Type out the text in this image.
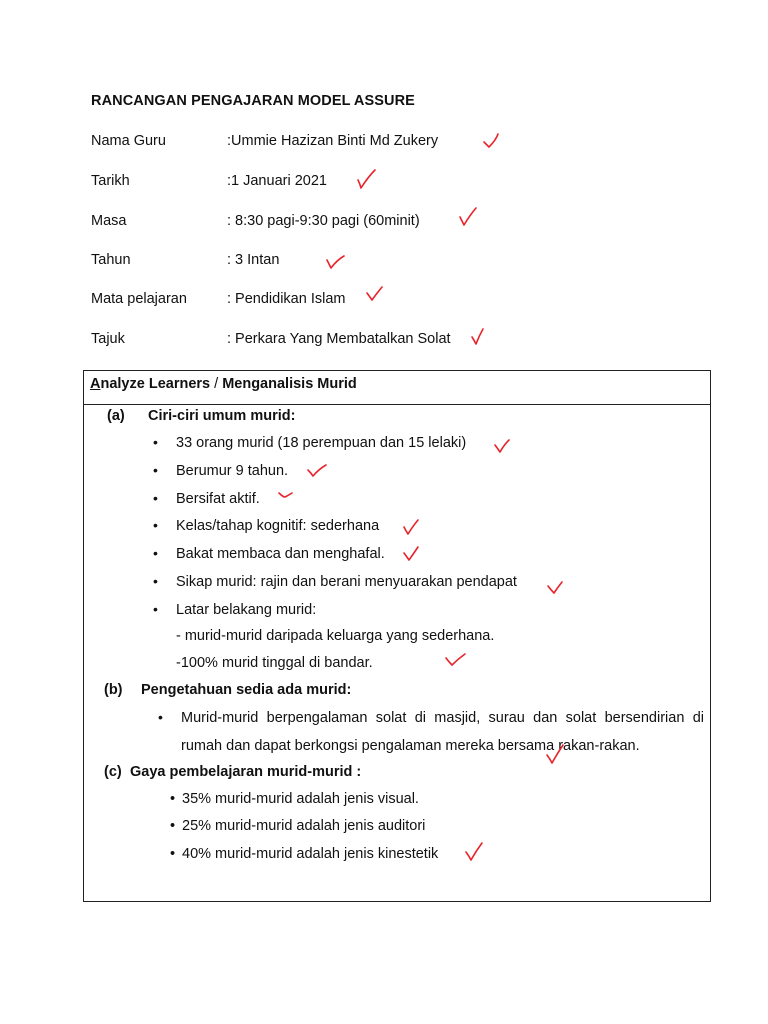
RANCANGAN PENGAJARAN MODEL ASSURE
Nama Guru	:Ummie Hazizan Binti Md Zukery
Tarikh	:1 Januari 2021
Masa	: 8:30 pagi-9:30 pagi (60minit)
Tahun	: 3 Intan
Mata pelajaran	: Pendidikan Islam
Tajuk	: Perkara Yang Membatalkan Solat
Analyze Learners / Menganalisis Murid
(a) Ciri-ciri umum murid:
• 33 orang murid (18 perempuan dan 15 lelaki)
• Berumur 9 tahun.
• Bersifat aktif.
• Kelas/tahap kognitif: sederhana
• Bakat membaca dan menghafal.
• Sikap murid: rajin dan berani menyuarakan pendapat
• Latar belakang murid:
- murid-murid daripada keluarga yang sederhana.
-100% murid tinggal di bandar.
(b) Pengetahuan sedia ada murid:
• Murid-murid berpengalaman solat di masjid, surau dan solat bersendirian di rumah dan dapat berkongsi pengalaman mereka bersama rakan-rakan.
(c) Gaya pembelajaran murid-murid :
• 35% murid-murid adalah jenis visual.
• 25% murid-murid adalah jenis auditori
• 40% murid-murid adalah jenis kinestetik
